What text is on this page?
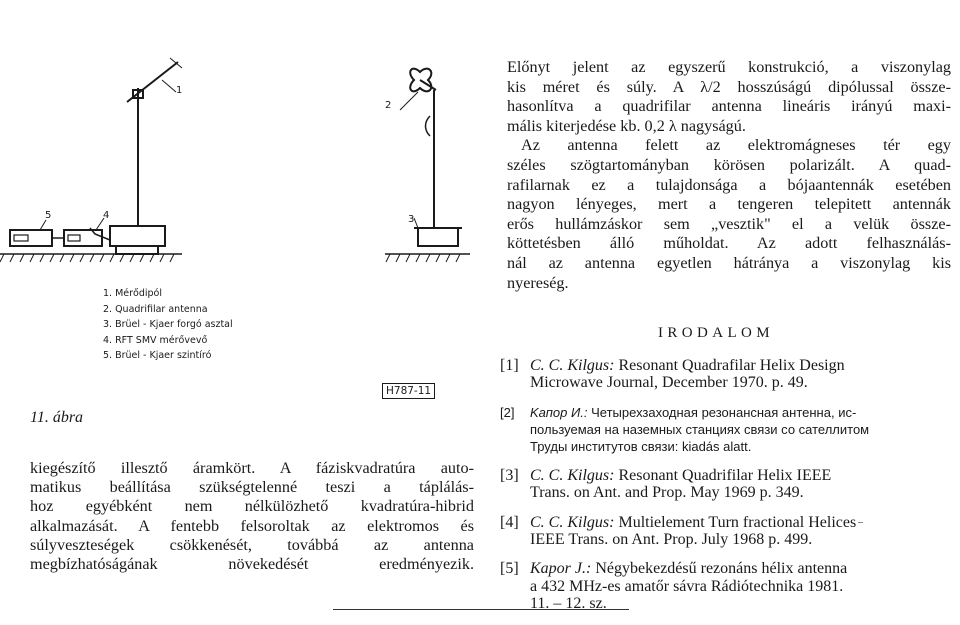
1
2
3
4
5
1. Mérődipól
2. Quadrifilar antenna
3. Brüel - Kjaer forgó asztal
4. RFT SMV mérővevő
5. Brüel - Kjaer szintíró
H787-11
11. ábra
kiegészítő illesztő áramkört. A fáziskvadratúra auto-
matikus beállítása szükségtelenné teszi a táplálás-
hoz egyébként nem nélkülözhető kvadratúra-hibrid
alkalmazását. A fentebb felsoroltak az elektromos és
súlyveszteségek csökkenését, továbbá az antenna
megbízhatóságának növekedését eredményezik.
Előnyt jelent az egyszerű konstrukció, a viszonylag
kis méret és súly. A λ/2 hosszúságú dipólussal össze-
hasonlítva a quadrifilar antenna lineáris irányú maxi-
mális kiterjedése kb. 0,2 λ nagyságú.
Az antenna felett az elektromágneses tér egy
széles szögtartományban körösen polarizált. A quad-
rafilarnak ez a tulajdonsága a bójaantennák esetében
nagyon lényeges, mert a tengeren telepitett antennák
erős hullámzáskor sem „vesztik" el a velük össze-
köttetésben álló műholdat. Az adott felhasználás-
nál az antenna egyetlen hátránya a viszonylag kis
nyereség.
IRODALOM
[1] C. C. Kilgus: Resonant Quadrafilar Helix Design
Microwave Journal, December 1970. p. 49.
[2] Kапор И.: Четырехзаходная резонансная антенна, ис-
пользуемая на наземных станциях связи со сателлитом
Труды институтов связи: kiadás alatt.
[3] C. C. Kilgus: Resonant Quadrifilar Helix IEEE
Trans. on Ant. and Prop. May 1969 p. 349.
[4] C. C. Kilgus: Multielement Turn fractional Helices
IEEE Trans. on Ant. Prop. July 1968 p. 499.
[5] Kapor J.: Négybekezdésű rezonáns hélix antenna
a 432 MHz-es amatőr sávra Rádiótechnika 1981.
11. – 12. sz.
